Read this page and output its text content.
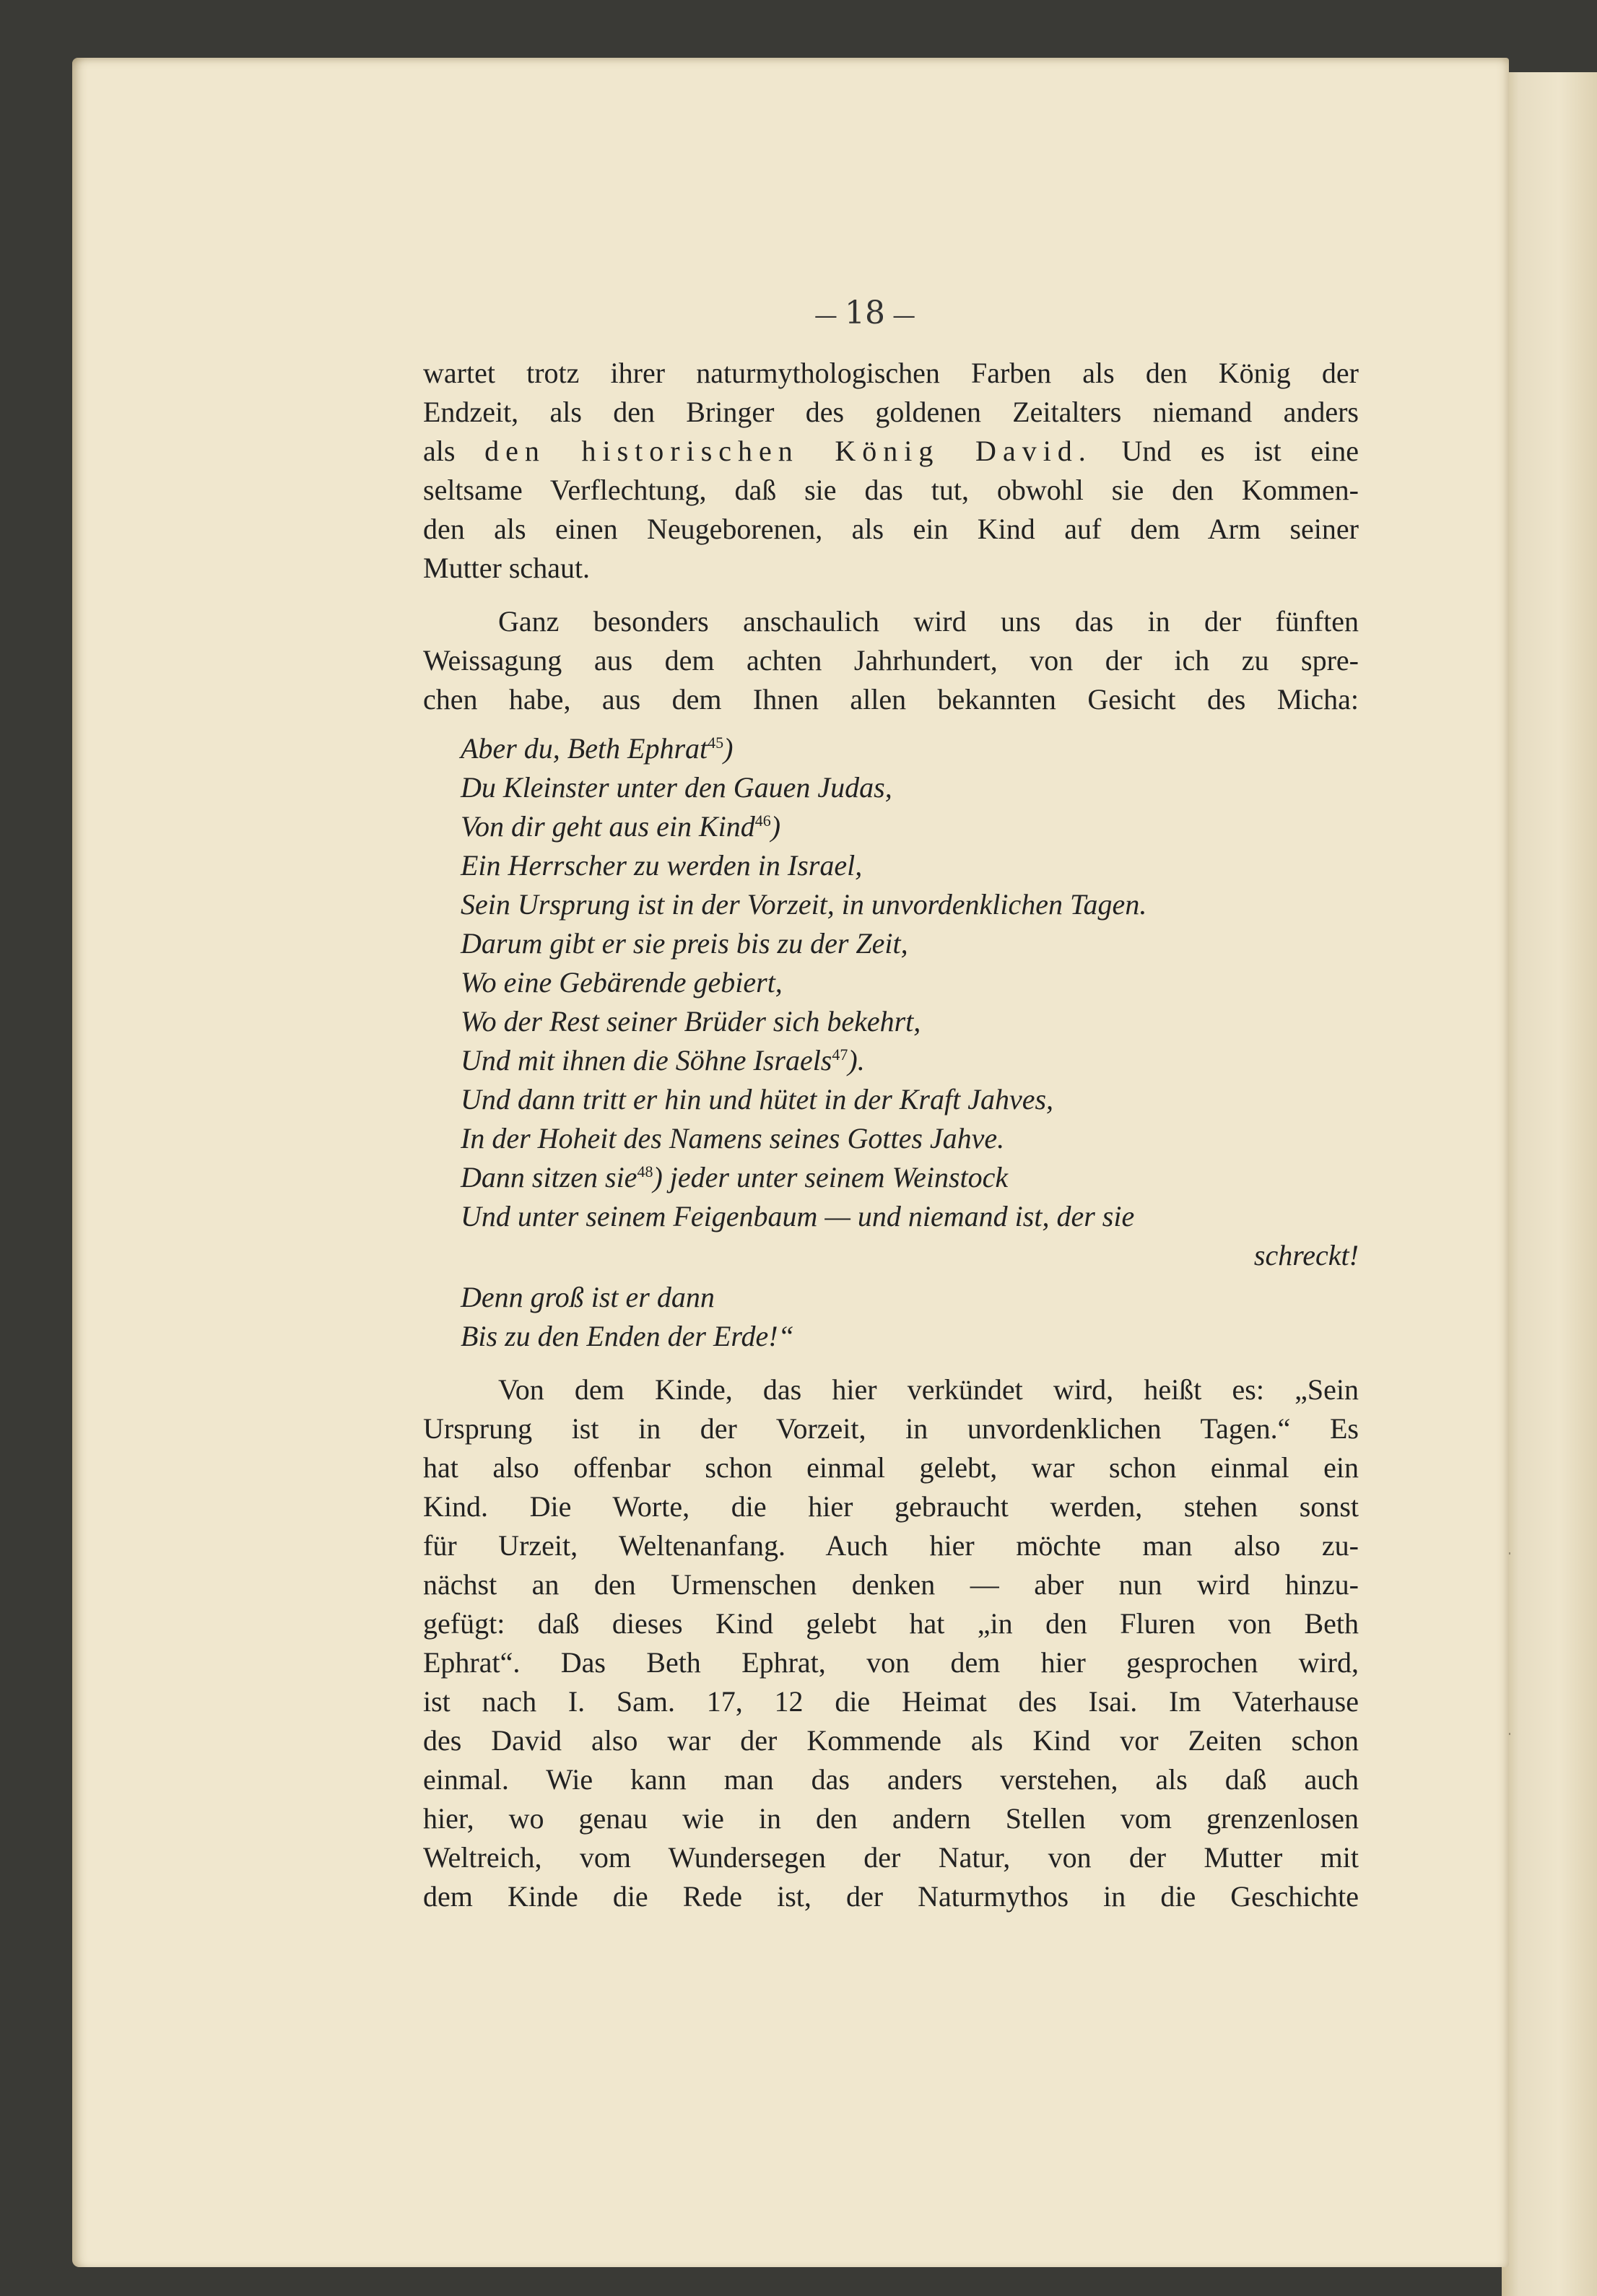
— 18 —
wartet trotz ihrer naturmythologischen Farben als den König der
Endzeit, als den Bringer des goldenen Zeitalters niemand anders
als den historischen König David. Und es ist eine
seltsame Verflechtung, daß sie das tut, obwohl sie den Kommen-
den als einen Neugeborenen, als ein Kind auf dem Arm seiner
Mutter schaut.
Ganz besonders anschaulich wird uns das in der fünften
Weissagung aus dem achten Jahrhundert, von der ich zu spre-
chen habe, aus dem Ihnen allen bekannten Gesicht des Micha:
Aber du, Beth Ephrat$^{45}$)
Du Kleinster unter den Gauen Judas,
Von dir geht aus ein Kind$^{46}$)
Ein Herrscher zu werden in Israel,
Sein Ursprung ist in der Vorzeit, in unvordenklichen Tagen.
Darum gibt er sie preis bis zu der Zeit,
Wo eine Gebärende gebiert,
Wo der Rest seiner Brüder sich bekehrt,
Und mit ihnen die Söhne Israels$^{47}$).
Und dann tritt er hin und hütet in der Kraft Jahves,
In der Hoheit des Namens seines Gottes Jahve.
Dann sitzen sie$^{48}$) jeder unter seinem Weinstock
Und unter seinem Feigenbaum — und niemand ist, der sie
schreckt!
Denn groß ist er dann
Bis zu den Enden der Erde!“
Von dem Kinde, das hier verkündet wird, heißt es: „Sein
Ursprung ist in der Vorzeit, in unvordenklichen Tagen.“ Es
hat also offenbar schon einmal gelebt, war schon einmal ein
Kind. Die Worte, die hier gebraucht werden, stehen sonst
für Urzeit, Weltenanfang. Auch hier möchte man also zu-
nächst an den Urmenschen denken — aber nun wird hinzu-
gefügt: daß dieses Kind gelebt hat „in den Fluren von Beth
Ephrat“. Das Beth Ephrat, von dem hier gesprochen wird,
ist nach I. Sam. 17, 12 die Heimat des Isai. Im Vaterhause
des David also war der Kommende als Kind vor Zeiten schon
einmal. Wie kann man das anders verstehen, als daß auch
hier, wo genau wie in den andern Stellen vom grenzenlosen
Weltreich, vom Wundersegen der Natur, von der Mutter mit
dem Kinde die Rede ist, der Naturmythos in die Geschichte
